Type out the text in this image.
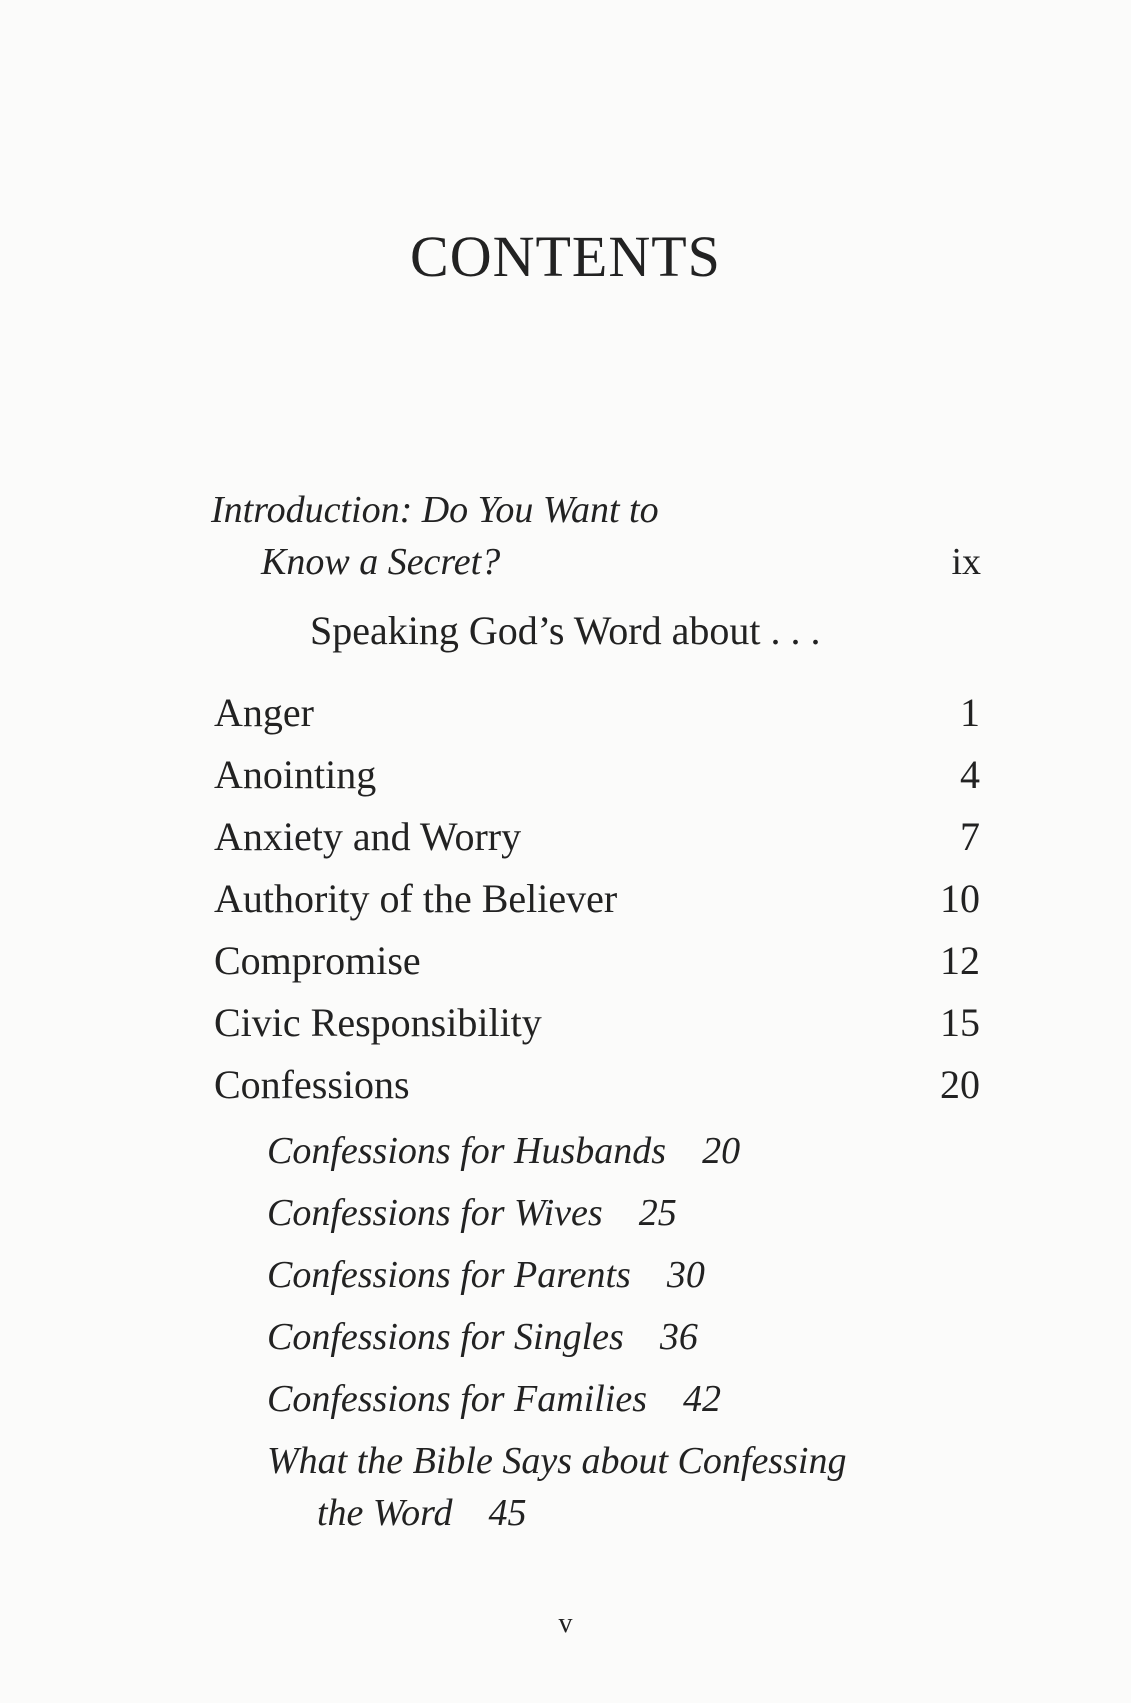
CONTENTS
Introduction: Do You Want to
Know a Secret?	ix
Speaking God’s Word about . . .
Anger	1
Anointing	4
Anxiety and Worry	7
Authority of the Believer	10
Compromise	12
Civic Responsibility	15
Confessions	20
Confessions for Husbands 20
Confessions for Wives 25
Confessions for Parents 30
Confessions for Singles 36
Confessions for Families 42
What the Bible Says about Confessing
the Word 45
v
